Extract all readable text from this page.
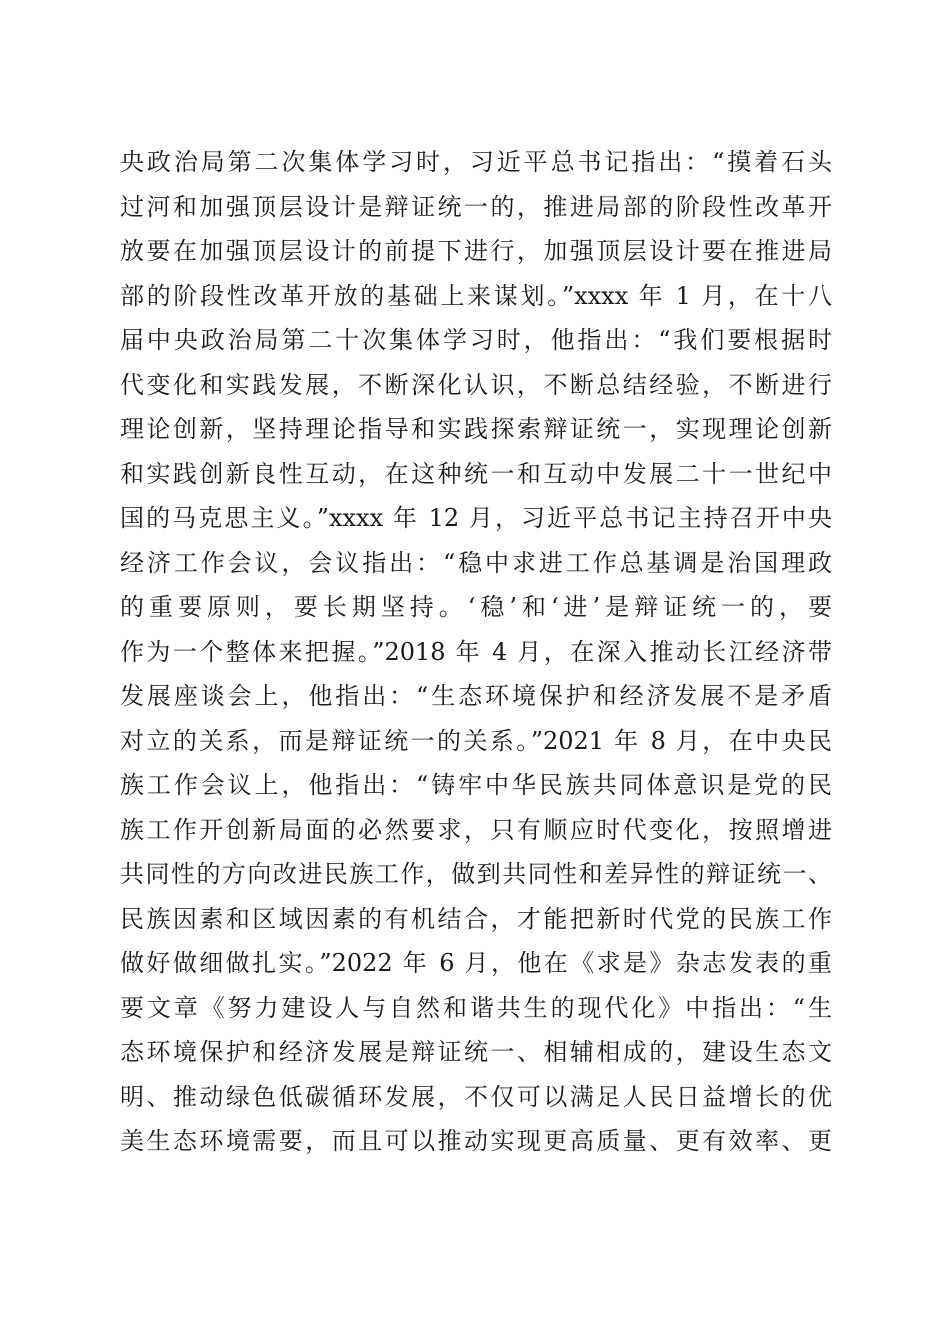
央政治局第二次集体学习时，习近平总书记指出：“摸着石头
过河和加强顶层设计是辩证统一的，推进局部的阶段性改革开
放要在加强顶层设计的前提下进行，加强顶层设计要在推进局
部的阶段性改革开放的基础上来谋划。”xxxx 年 1 月，在十八
届中央政治局第二十次集体学习时，他指出：“我们要根据时
代变化和实践发展，不断深化认识，不断总结经验，不断进行
理论创新，坚持理论指导和实践探索辩证统一，实现理论创新
和实践创新良性互动，在这种统一和互动中发展二十一世纪中
国的马克思主义。”xxxx 年 12 月，习近平总书记主持召开中央
经济工作会议，会议指出：“稳中求进工作总基调是治国理政
的重要原则，要长期坚持。‘稳’和‘进’是辩证统一的，要
作为一个整体来把握。”2018 年 4 月，在深入推动长江经济带
发展座谈会上，他指出：“生态环境保护和经济发展不是矛盾
对立的关系，而是辩证统一的关系。”2021 年 8 月，在中央民
族工作会议上，他指出：“铸牢中华民族共同体意识是党的民
族工作开创新局面的必然要求，只有顺应时代变化，按照增进
共同性的方向改进民族工作，做到共同性和差异性的辩证统一、
民族因素和区域因素的有机结合，才能把新时代党的民族工作
做好做细做扎实。”2022 年 6 月，他在《求是》杂志发表的重
要文章《努力建设人与自然和谐共生的现代化》中指出：“生
态环境保护和经济发展是辩证统一、相辅相成的，建设生态文
明、推动绿色低碳循环发展，不仅可以满足人民日益增长的优
美生态环境需要，而且可以推动实现更高质量、更有效率、更
